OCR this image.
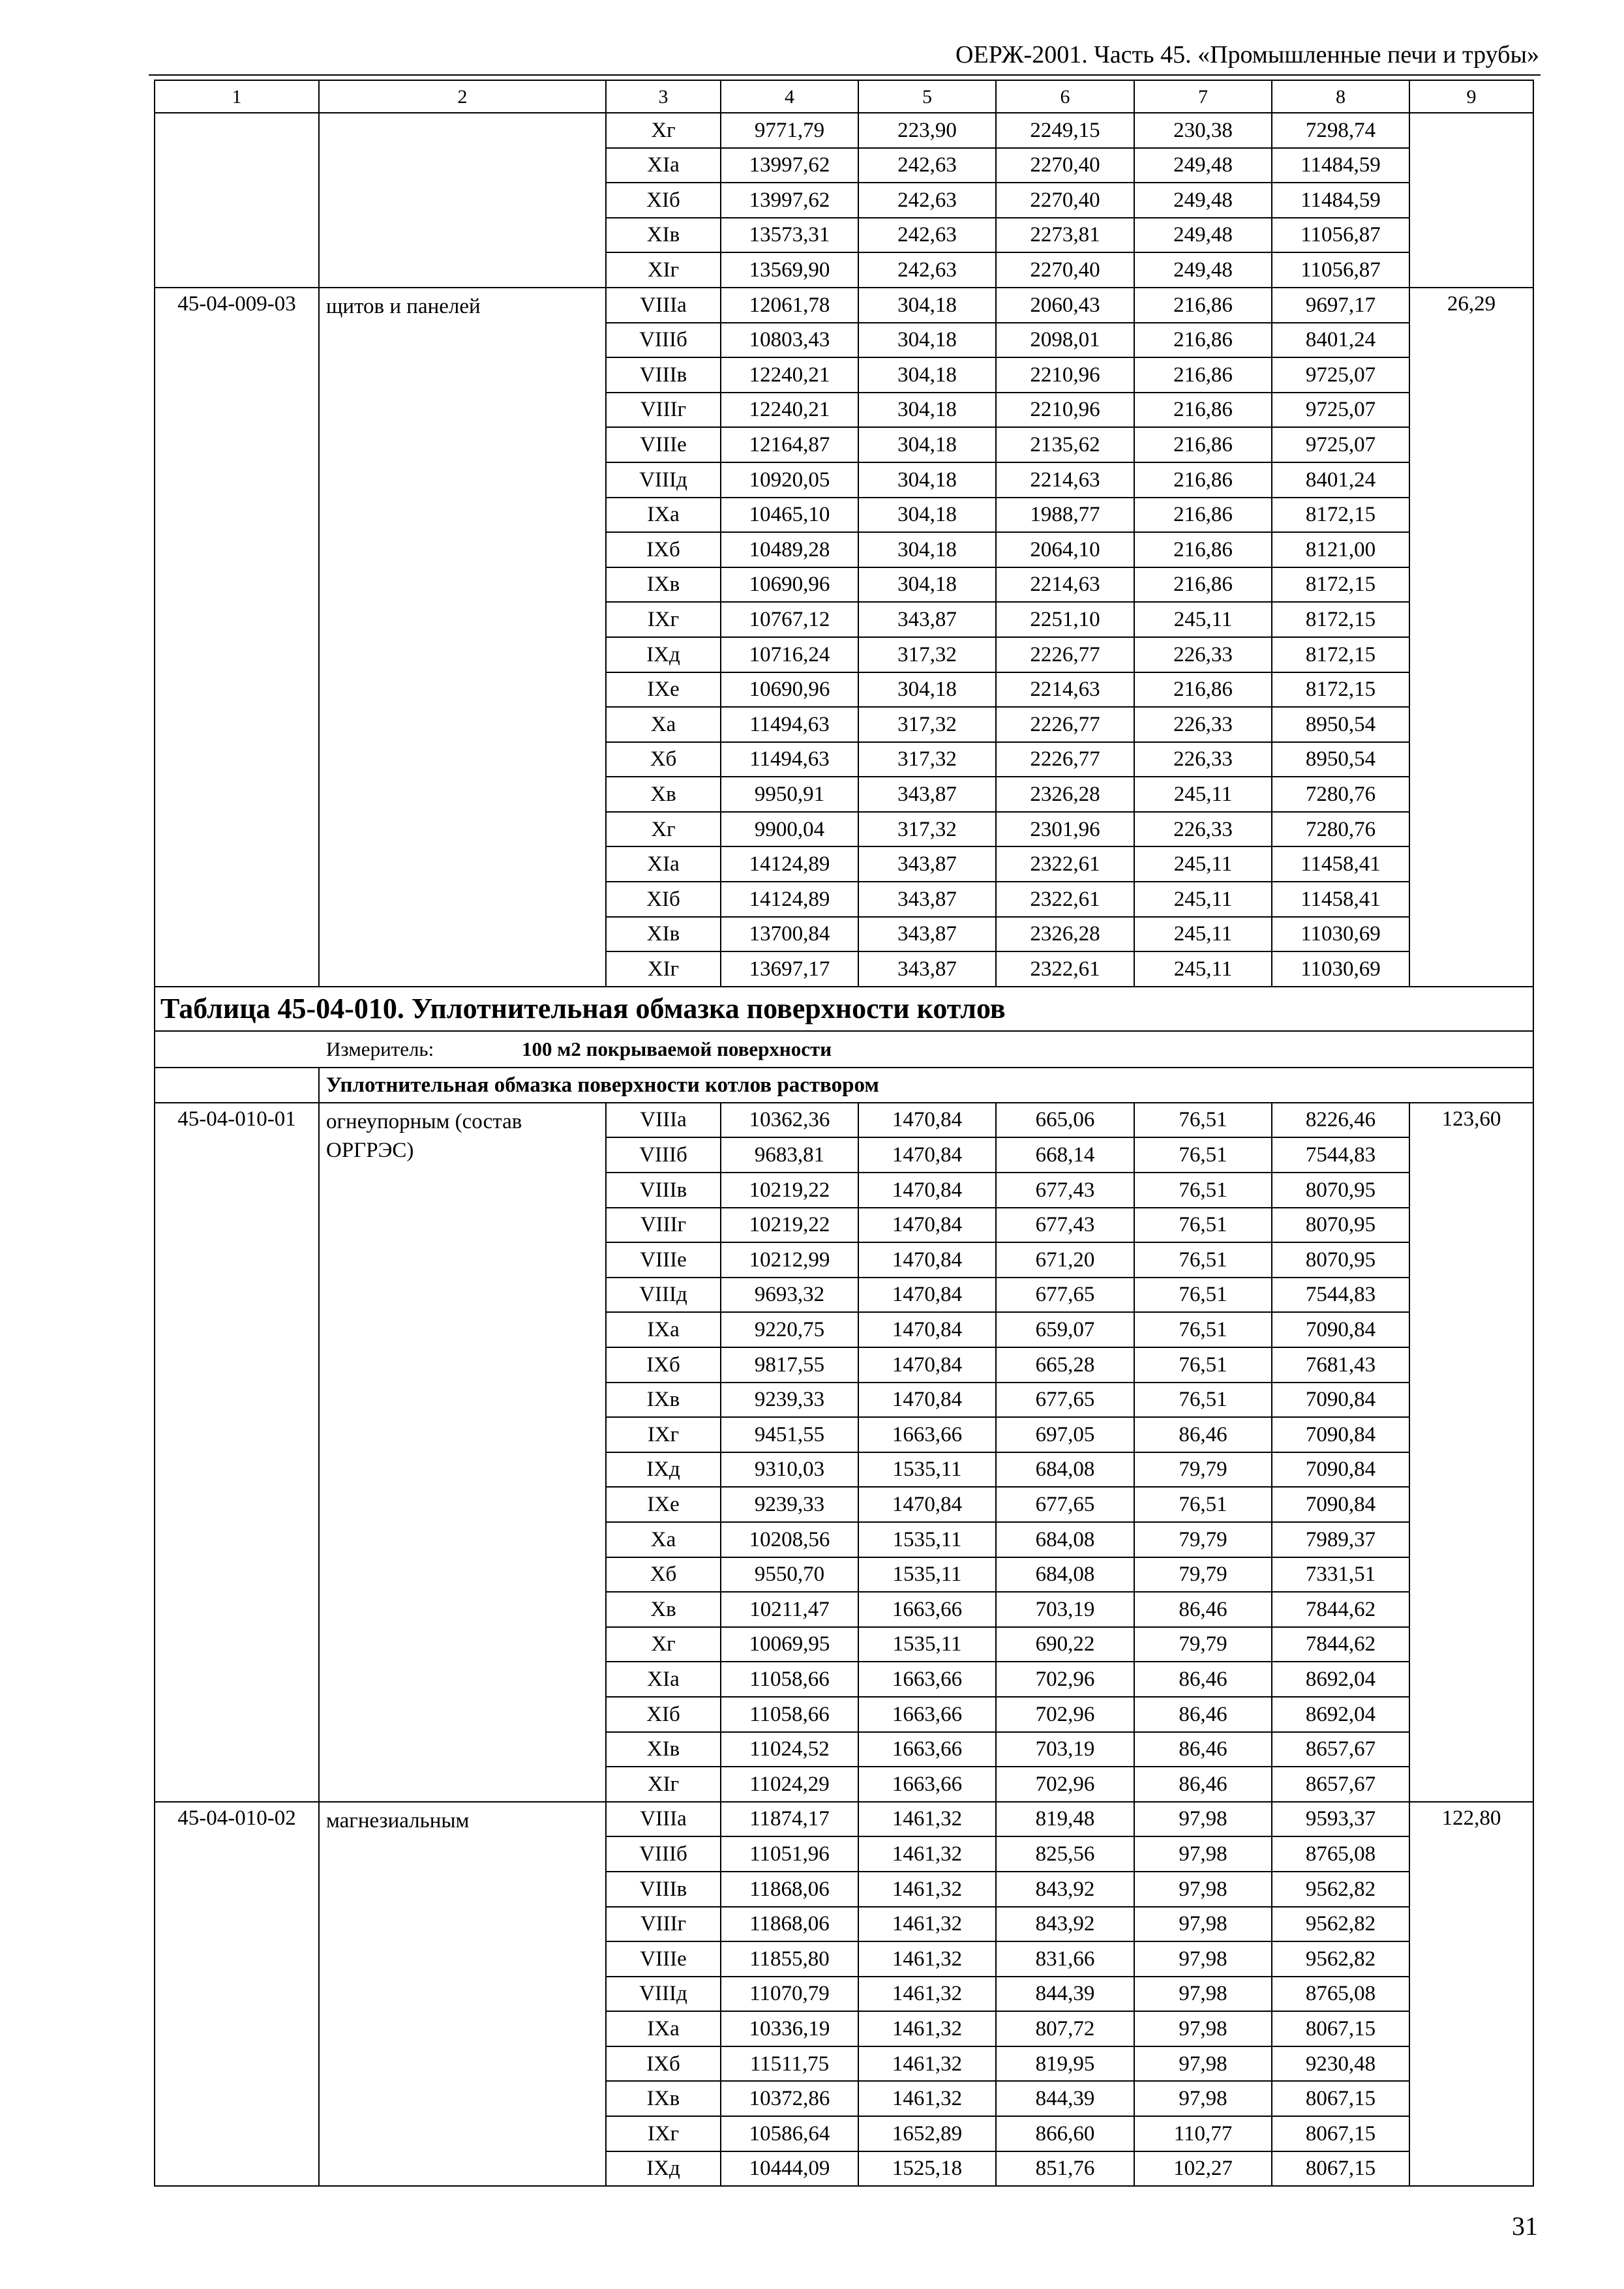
ОЕРЖ-2001. Часть 45. «Промышленные печи и трубы»
1	2	3	4	5	6	7	8	9
		Xг	9771,79	223,90	2249,15	230,38	7298,74	
		XIа	13997,62	242,63	2270,40	249,48	11484,59	
		XIб	13997,62	242,63	2270,40	249,48	11484,59	
		XIв	13573,31	242,63	2273,81	249,48	11056,87	
		XIг	13569,90	242,63	2270,40	249,48	11056,87	
45-04-009-03	щитов и панелей	VIIIа	12061,78	304,18	2060,43	216,86	9697,17	26,29
		VIIIб	10803,43	304,18	2098,01	216,86	8401,24	
		VIIIв	12240,21	304,18	2210,96	216,86	9725,07	
		VIIIг	12240,21	304,18	2210,96	216,86	9725,07	
		VIIIе	12164,87	304,18	2135,62	216,86	9725,07	
		VIIIд	10920,05	304,18	2214,63	216,86	8401,24	
		IXа	10465,10	304,18	1988,77	216,86	8172,15	
		IXб	10489,28	304,18	2064,10	216,86	8121,00	
		IXв	10690,96	304,18	2214,63	216,86	8172,15	
		IXг	10767,12	343,87	2251,10	245,11	8172,15	
		IXд	10716,24	317,32	2226,77	226,33	8172,15	
		IXе	10690,96	304,18	2214,63	216,86	8172,15	
		Xа	11494,63	317,32	2226,77	226,33	8950,54	
		Xб	11494,63	317,32	2226,77	226,33	8950,54	
		Xв	9950,91	343,87	2326,28	245,11	7280,76	
		Xг	9900,04	317,32	2301,96	226,33	7280,76	
		XIа	14124,89	343,87	2322,61	245,11	11458,41	
		XIб	14124,89	343,87	2322,61	245,11	11458,41	
		XIв	13700,84	343,87	2326,28	245,11	11030,69	
		XIг	13697,17	343,87	2322,61	245,11	11030,69	
Таблица 45-04-010. Уплотнительная обмазка поверхности котлов								
Измеритель: 100 м2 покрываемой поверхности								
	Уплотнительная обмазка поверхности котлов раствором							
45-04-010-01	огнеупорным (состав ОРГРЭС)	VIIIа	10362,36	1470,84	665,06	76,51	8226,46	123,60
		VIIIб	9683,81	1470,84	668,14	76,51	7544,83	
		VIIIв	10219,22	1470,84	677,43	76,51	8070,95	
		VIIIг	10219,22	1470,84	677,43	76,51	8070,95	
		VIIIе	10212,99	1470,84	671,20	76,51	8070,95	
		VIIIд	9693,32	1470,84	677,65	76,51	7544,83	
		IXа	9220,75	1470,84	659,07	76,51	7090,84	
		IXб	9817,55	1470,84	665,28	76,51	7681,43	
		IXв	9239,33	1470,84	677,65	76,51	7090,84	
		IXг	9451,55	1663,66	697,05	86,46	7090,84	
		IXд	9310,03	1535,11	684,08	79,79	7090,84	
		IXе	9239,33	1470,84	677,65	76,51	7090,84	
		Xа	10208,56	1535,11	684,08	79,79	7989,37	
		Xб	9550,70	1535,11	684,08	79,79	7331,51	
		Xв	10211,47	1663,66	703,19	86,46	7844,62	
		Xг	10069,95	1535,11	690,22	79,79	7844,62	
		XIа	11058,66	1663,66	702,96	86,46	8692,04	
		XIб	11058,66	1663,66	702,96	86,46	8692,04	
		XIв	11024,52	1663,66	703,19	86,46	8657,67	
		XIг	11024,29	1663,66	702,96	86,46	8657,67	
45-04-010-02	магнезиальным	VIIIа	11874,17	1461,32	819,48	97,98	9593,37	122,80
		VIIIб	11051,96	1461,32	825,56	97,98	8765,08	
		VIIIв	11868,06	1461,32	843,92	97,98	9562,82	
		VIIIг	11868,06	1461,32	843,92	97,98	9562,82	
		VIIIе	11855,80	1461,32	831,66	97,98	9562,82	
		VIIIд	11070,79	1461,32	844,39	97,98	8765,08	
		IXа	10336,19	1461,32	807,72	97,98	8067,15	
		IXб	11511,75	1461,32	819,95	97,98	9230,48	
		IXв	10372,86	1461,32	844,39	97,98	8067,15	
		IXг	10586,64	1652,89	866,60	110,77	8067,15	
		IXд	10444,09	1525,18	851,76	102,27	8067,15	
31
